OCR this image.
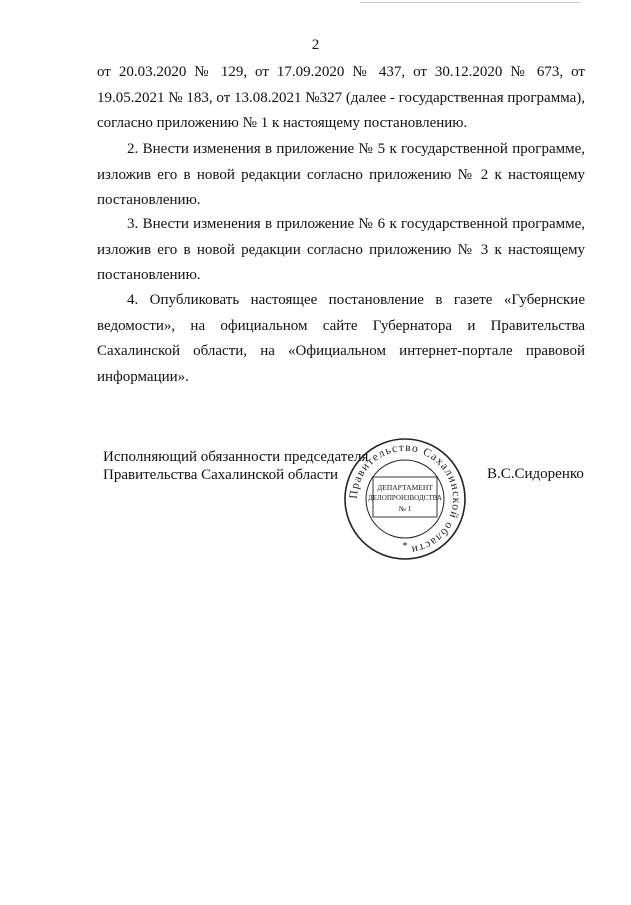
2

от 20.03.2020 № 129, от 17.09.2020 № 437, от 30.12.2020 № 673, от 19.05.2021 № 183, от 13.08.2021 №327 (далее - государственная программа), согласно приложению № 1 к настоящему постановлению.

2. Внести изменения в приложение № 5 к государственной программе, изложив его в новой редакции согласно приложению № 2 к настоящему постановлению.

3. Внести изменения в приложение № 6 к государственной программе, изложив его в новой редакции согласно приложению № 3 к настоящему постановлению.

4. Опубликовать настоящее постановление в газете «Губернские ведомости», на официальном сайте Губернатора и Правительства Сахалинской области, на «Официальном интернет-портале правовой информации».

Исполняющий обязанности председателя
Правительства Сахалинской области	В.С.Сидоренко
Правительство Сахалинской области
ДЕПАРТАМЕНТ
ДЕЛОПРОИЗВОДСТВА
№ 1
*
